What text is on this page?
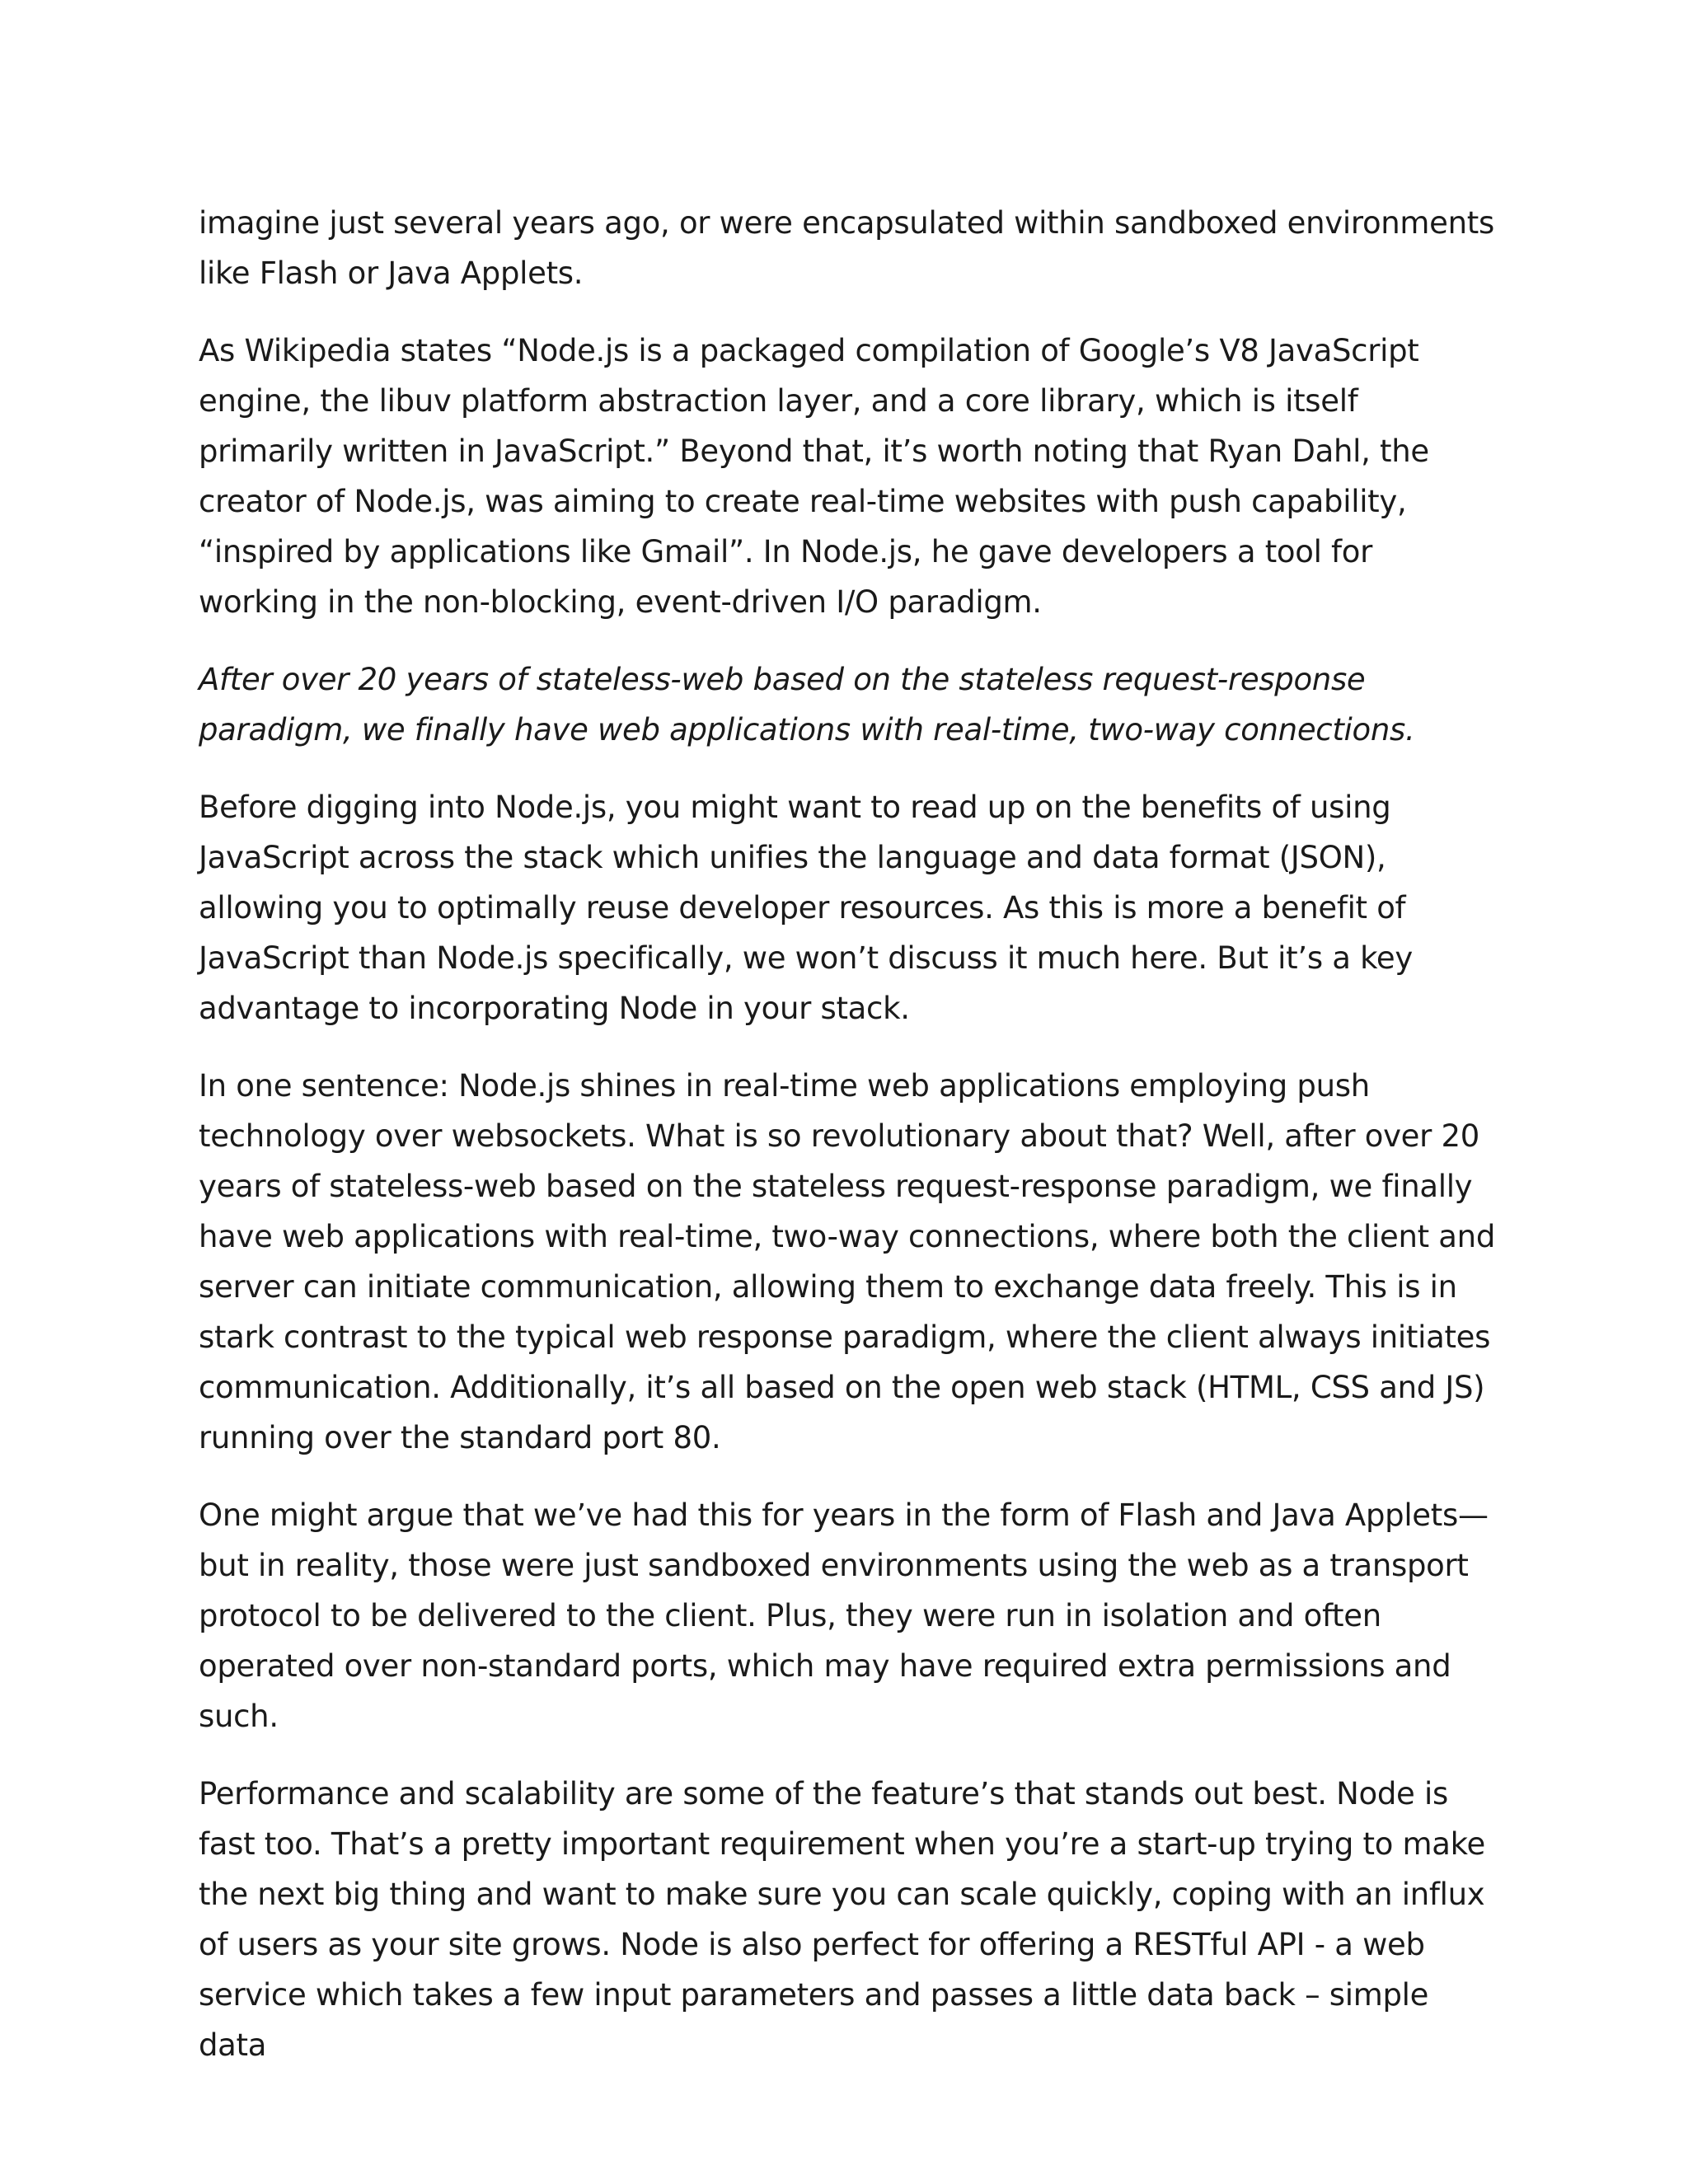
imagine just several years ago, or were encapsulated within sandboxed environments like Flash or Java Applets.

As Wikipedia states “Node.js is a packaged compilation of Google’s V8 JavaScript engine, the libuv platform abstraction layer, and a core library, which is itself primarily written in JavaScript.” Beyond that, it’s worth noting that Ryan Dahl, the creator of Node.js, was aiming to create real-time websites with push capability, “inspired by applications like Gmail”. In Node.js, he gave developers a tool for working in the non-blocking, event-driven I/O paradigm.

After over 20 years of stateless-web based on the stateless request-response paradigm, we finally have web applications with real-time, two-way connections.

Before digging into Node.js, you might want to read up on the benefits of using JavaScript across the stack which unifies the language and data format (JSON), allowing you to optimally reuse developer resources. As this is more a benefit of JavaScript than Node.js specifically, we won’t discuss it much here. But it’s a key advantage to incorporating Node in your stack.

In one sentence: Node.js shines in real-time web applications employing push technology over websockets. What is so revolutionary about that? Well, after over 20 years of stateless-web based on the stateless request-response paradigm, we finally have web applications with real-time, two-way connections, where both the client and server can initiate communication, allowing them to exchange data freely. This is in stark contrast to the typical web response paradigm, where the client always initiates communication. Additionally, it’s all based on the open web stack (HTML, CSS and JS) running over the standard port 80.

One might argue that we’ve had this for years in the form of Flash and Java Applets—but in reality, those were just sandboxed environments using the web as a transport protocol to be delivered to the client. Plus, they were run in isolation and often operated over non-standard ports, which may have required extra permissions and such.

Performance and scalability are some of the feature’s that stands out best. Node is fast too. That’s a pretty important requirement when you’re a start-up trying to make the next big thing and want to make sure you can scale quickly, coping with an influx of users as your site grows. Node is also perfect for offering a RESTful API - a web service which takes a few input parameters and passes a little data back – simple data
